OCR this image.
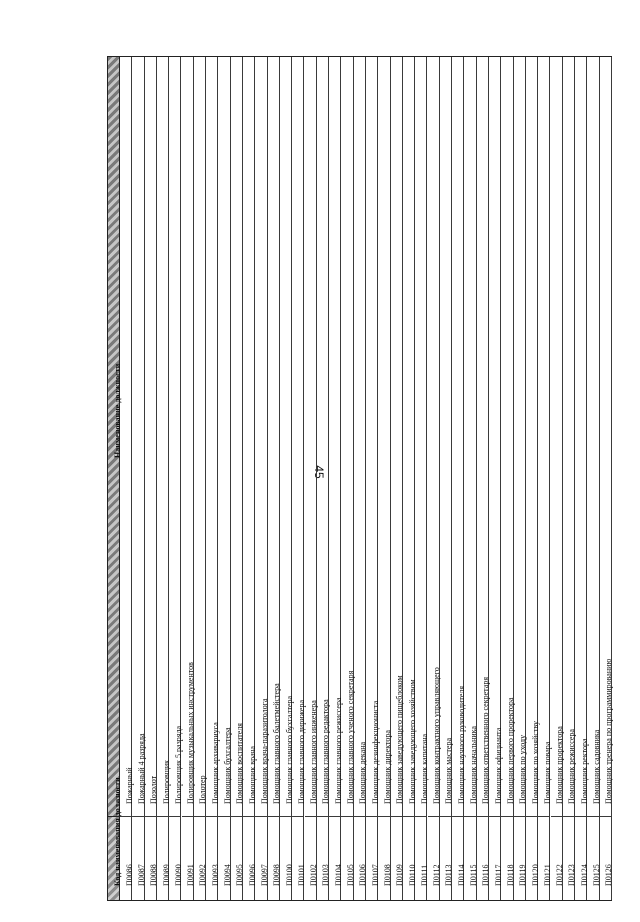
45
Наименование должности
Код наименования должности Пожарный
П0086
Пожарный 4 разряда
П0087
Позолот
П0088
Полировщик
П0089
Полировщик 5 разряда
П0090
Полировщик музыкальных инструментов
П0091
Полотер
П0092
Помощник архивариуса
П0093
Помощник бухгалтера
П0094
Помощник воспитателя
П0095
Помощник врача
П0096
Помощник врача-паразитолога
П0097
Помощник главного балетмейстера
П0098
Помощник главного бухгалтера
П0100
Помощник главного дирижера
П0101
Помощник главного инженера
П0102
Помощник главного редактора
П0103
Помощник главного режиссера
П0104
Помощник главного ученого секретаря
П0105
Помощник декана
П0106
Помощник дезинфекциониста
П0107
Помощник директора
П0108
Помощник заведующего пищеблоком
П0109
Помощник заведующего хозяйством
П0110
Помощник капитана
П0111
Помощник контрактного управляющего
П0112
Помощник мастера
П0113
Помощник научного руководителя
П0114
Помощник начальника
П0115
Помощник ответственного секретаря
П0116
Помощник официанта
П0117
Помощник первого проректора
П0118
Помощник по уходу
П0119
Помощник по хозяйству
П0120
Помощник повара
П0121
Помощник проректора
П0122
Помощник режиссера
П0123
Помощник ректора
П0124
Помощник садовника
П0125
Помощник тренера по программированию
П0126
